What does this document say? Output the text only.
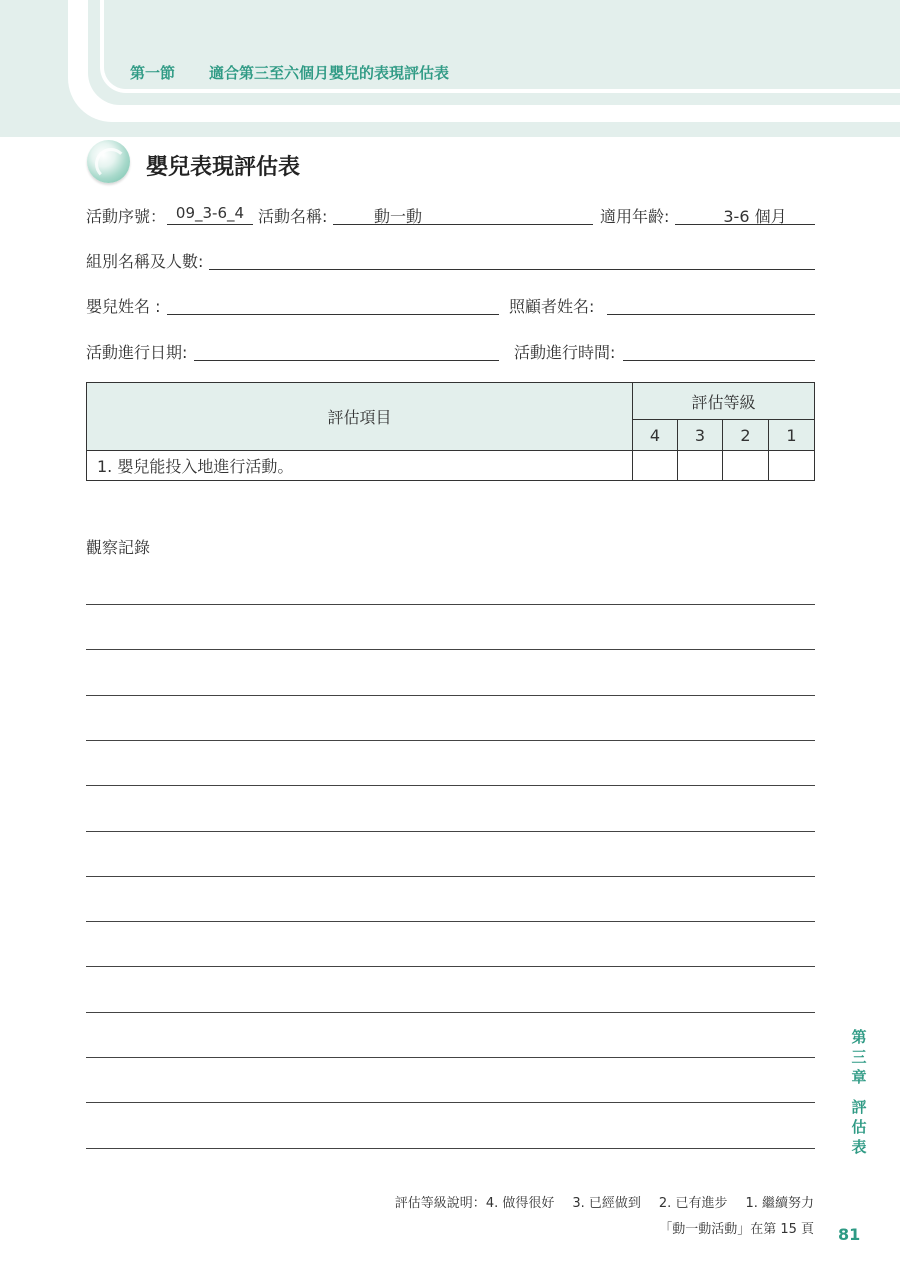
第一節 適合第三至六個月嬰兒的表現評估表
嬰兒表現評估表
活動序號： 09_3-6_4 活動名稱:	動一動	適用年齡:	3-6 個月
組別名稱及人數:
嬰兒姓名 :	照顧者姓名:
活動進行日期:	活動進行時間:
評估項目	評估等級			
	4	3	2	1
1. 嬰兒能投入地進行活動。				
觀察記錄
第
三
章
評
估
表
評估等級說明：4. 做得很好 3. 已經做到 2. 已有進步 1. 繼續努力
「動一動活動」在第 15 頁 81
